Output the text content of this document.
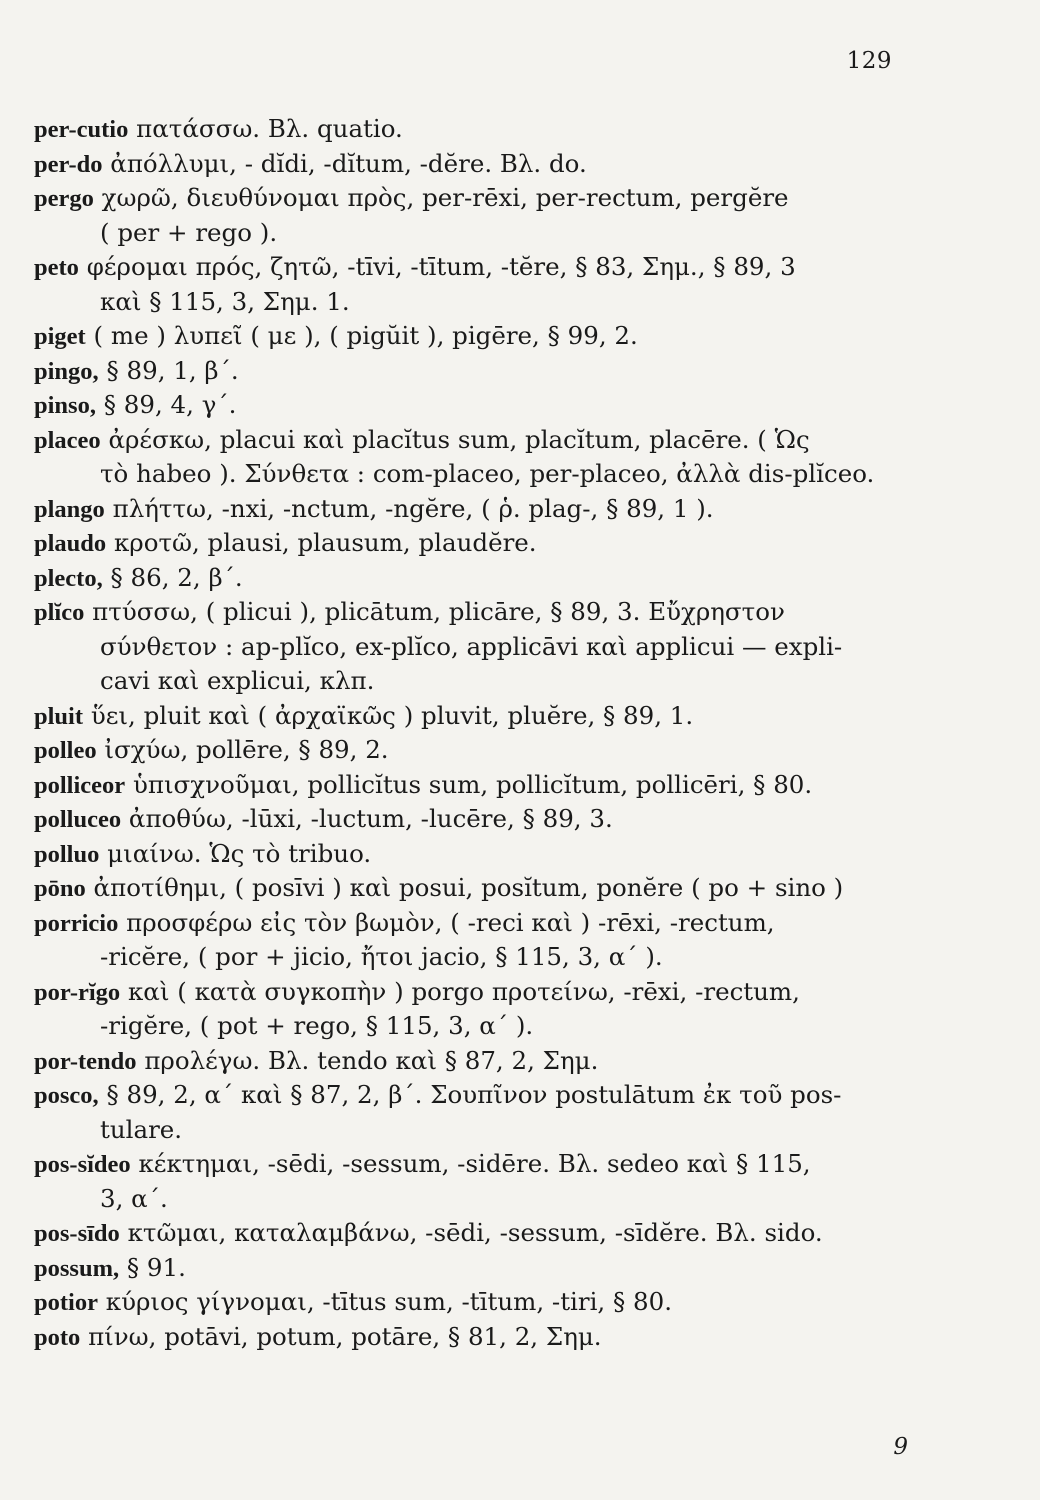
129
per-cutio πατάσσω. Βλ. quatio.
per-do ἀπόλλυμι, - dĭdi, -dĭtum, -dĕre. Βλ. do.
pergo χωρῶ, διευθύνομαι πρὸς, per-rēxi, per-rectum, pergĕre
( per + rego ).
peto φέρομαι πρός, ζητῶ, -tīvi, -tītum, -tĕre, § 83, Σημ., § 89, 3
καὶ § 115, 3, Σημ. 1.
piget ( me ) λυπεῖ ( με ), ( pigŭit ), pigēre, § 99, 2.
pingo, § 89, 1, β΄.
pinso, § 89, 4, γ΄.
placeo ἀρέσκω, placui καὶ placĭtus sum, placĭtum, placēre. ( Ὡς
τὸ habeo ). Σύνθετα : com-placeo, per-placeo, ἀλλὰ dis-plĭceo.
plango πλήττω, -nxi, -nctum, -ngĕre, ( ῥ. plag-, § 89, 1 ).
plaudo κροτῶ, plausi, plausum, plaudĕre.
plecto, § 86, 2, β΄.
plĭco πτύσσω, ( plicui ), plicātum, plicāre, § 89, 3. Εὔχρηστον
σύνθετον : ap-plĭco, ex-plĭco, applicāvi καὶ applicui — expli-
cavi καὶ explicui, κλπ.
pluit ὕει, pluit καὶ ( ἀρχαϊκῶς ) pluvit, pluĕre, § 89, 1.
polleo ἰσχύω, pollēre, § 89, 2.
polliceor ὑπισχνοῦμαι, pollicĭtus sum, pollicĭtum, pollicēri, § 80.
polluceo ἀποθύω, -lūxi, -luctum, -lucēre, § 89, 3.
polluo μιαίνω. Ὡς τὸ tribuo.
pōno ἀποτίθημι, ( posīvi ) καὶ posui, posĭtum, ponĕre ( po + sino )
porricio προσφέρω εἰς τὸν βωμὸν, ( -reci καὶ ) -rēxi, -rectum,
-ricĕre, ( por + jicio, ἤτοι jacio, § 115, 3, α΄ ).
por-rĭgo καὶ ( κατὰ συγκοπὴν ) porgo προτείνω, -rēxi, -rectum,
-rigĕre, ( pot + rego, § 115, 3, α΄ ).
por-tendo προλέγω. Βλ. tendo καὶ § 87, 2, Σημ.
posco, § 89, 2, α΄ καὶ § 87, 2, β΄. Σουπῖνον postulātum ἐκ τοῦ pos-
tulare.
pos-sĭdeo κέκτημαι, -sēdi, -sessum, -sidēre. Βλ. sedeo καὶ § 115,
3, α΄.
pos-sīdo κτῶμαι, καταλαμβάνω, -sēdi, -sessum, -sīdĕre. Βλ. sido.
possum, § 91.
potior κύριος γίγνομαι, -tītus sum, -tītum, -tiri, § 80.
poto πίνω, potāvi, potum, potāre, § 81, 2, Σημ.
9
